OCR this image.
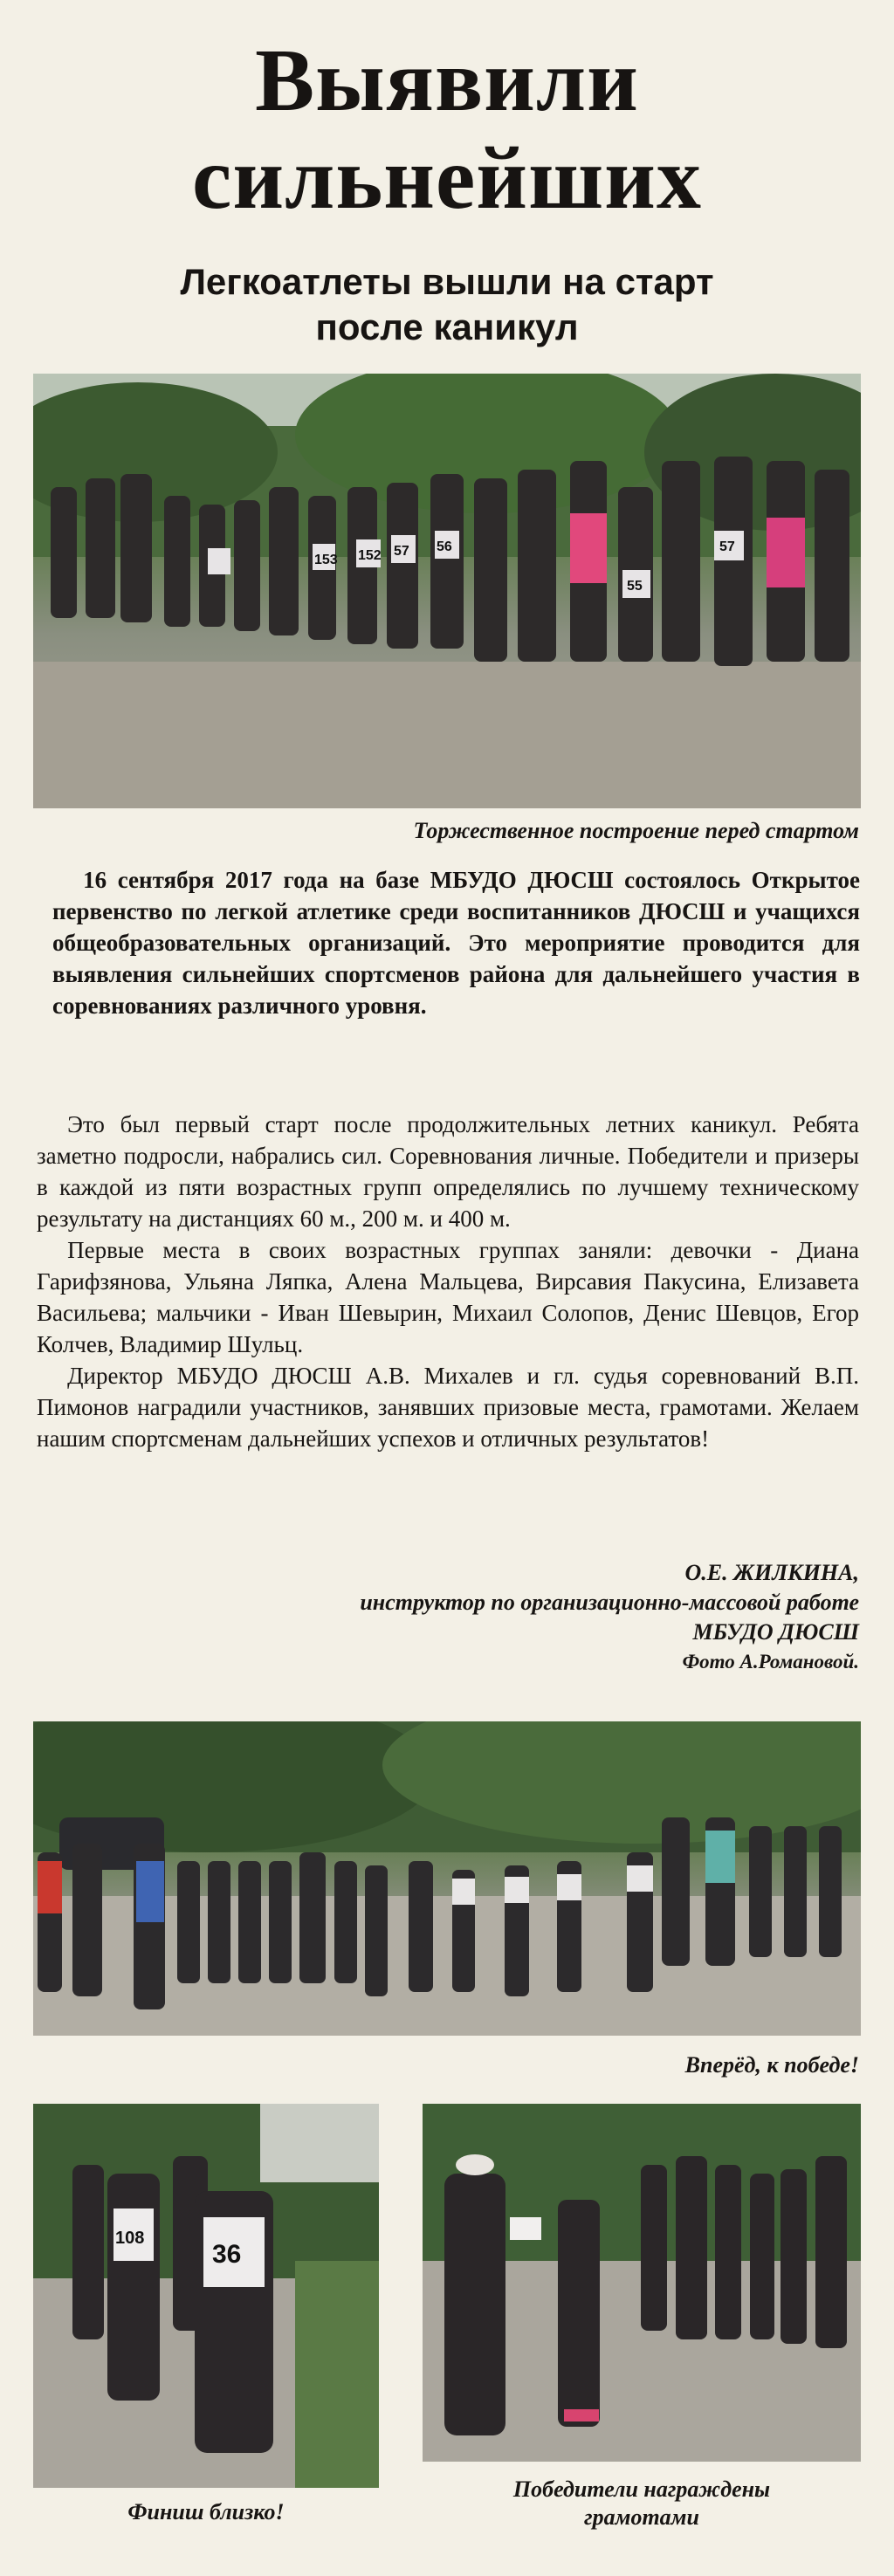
Выявили
сильнейших
Легкоатлеты вышли на старт
после каникул
152 57 56
153
55
57
Торжественное построение перед стартом

16 сентября 2017 года на базе МБУДО ДЮСШ состоялось Открытое первенство по легкой атлетике среди воспитанников ДЮСШ и учащихся общеобразовательных организаций. Это мероприятие проводится для выявления сильнейших спортсменов района для дальнейшего участия в соревнованиях различного уровня.

Это был первый старт после продолжительных летних каникул. Ребята заметно подросли, набрались сил. Соревнования личные. Победители и призеры в каждой из пяти возрастных групп определялись по лучшему техническому результату на дистанциях 60 м., 200 м. и 400 м.

Первые места в своих возрастных группах заняли: девочки - Диана Гарифзянова, Ульяна Ляпка, Алена Мальцева, Вирсавия Пакусина, Елизавета Васильева; мальчики - Иван Шевырин, Михаил Солопов, Денис Шевцов, Егор Колчев, Владимир Шульц.

Директор МБУДО ДЮСШ А.В. Михалев и гл. судья соревнований В.П. Пимонов наградили участников, занявших призовые места, грамотами. Желаем нашим спортсменам дальнейших успехов и отличных результатов!

О.Е. ЖИЛКИНА,
инструктор по организационно-массовой работе
МБУДО ДЮСШ
Фото А.Романовой.
Вперёд, к победе!
108
36
Финиш близко!
Победители награждены
грамотами
